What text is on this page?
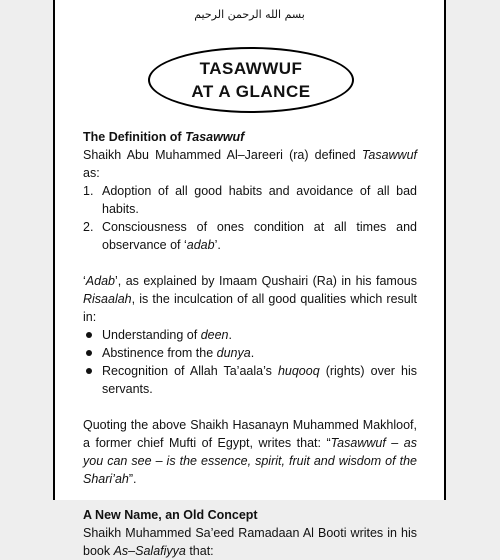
بسم الله الرحمن الرحيم
TASAWWUF
AT A GLANCE

The Definition of Tasawwuf

Shaikh Abu Muhammed Al–Jareeri (ra) defined Tasawwuf as:

1. Adoption of all good habits and avoidance of all bad habits.
2. Consciousness of ones condition at all times and observance of ‘adab’.

‘Adab’, as explained by Imaam Qushairi (Ra) in his famous Risaalah, is the inculcation of all good qualities which result in:

Understanding of deen.
Abstinence from the dunya.
Recognition of Allah Ta’aala’s huqooq (rights) over his servants.

Quoting the above Shaikh Hasanayn Muhammed Makhloof, a former chief Mufti of Egypt, writes that: “Tasawwuf – as you can see – is the essence, spirit, fruit and wisdom of the Shari’ah”.

A New Name, an Old Concept

Shaikh Muhammed Sa’eed Ramadaan Al Booti writes in his book As–Salafiyya that:
